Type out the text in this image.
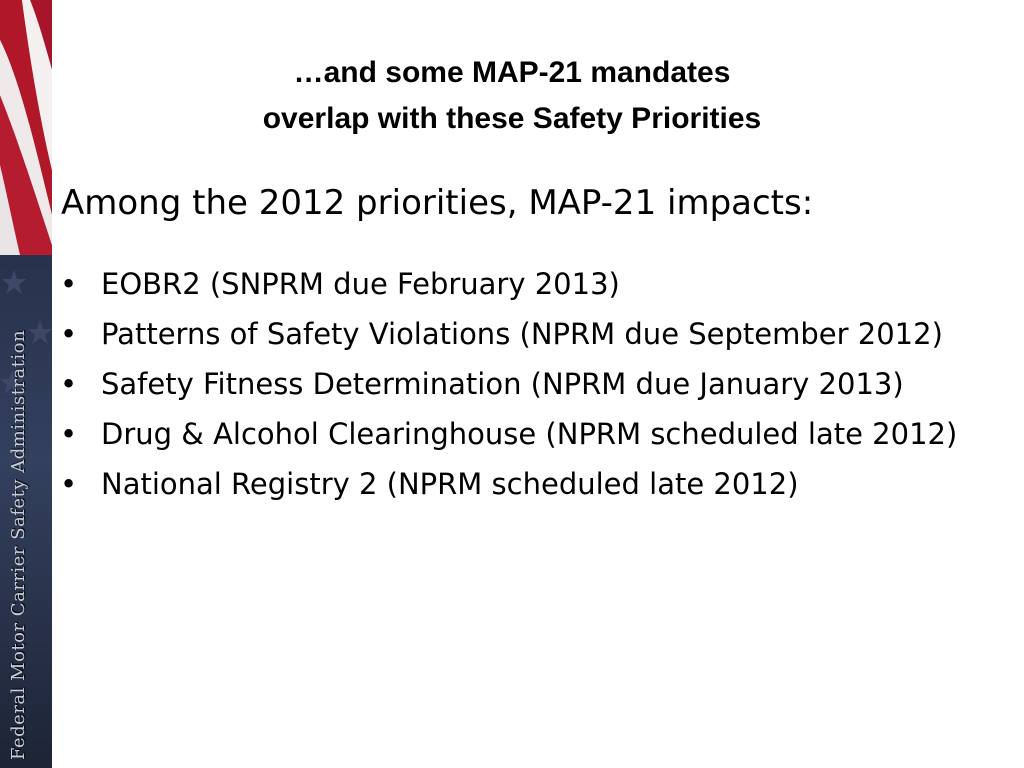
Federal Motor Carrier Safety Administration
…and some MAP-21 mandates
overlap with these Safety Priorities
Among the 2012 priorities, MAP-21 impacts:
• EOBR2 (SNPRM due February 2013)
• Patterns of Safety Violations (NPRM due September 2012)
• Safety Fitness Determination (NPRM due January 2013)
• Drug & Alcohol Clearinghouse (NPRM scheduled late 2012)
• National Registry 2 (NPRM scheduled late 2012)
